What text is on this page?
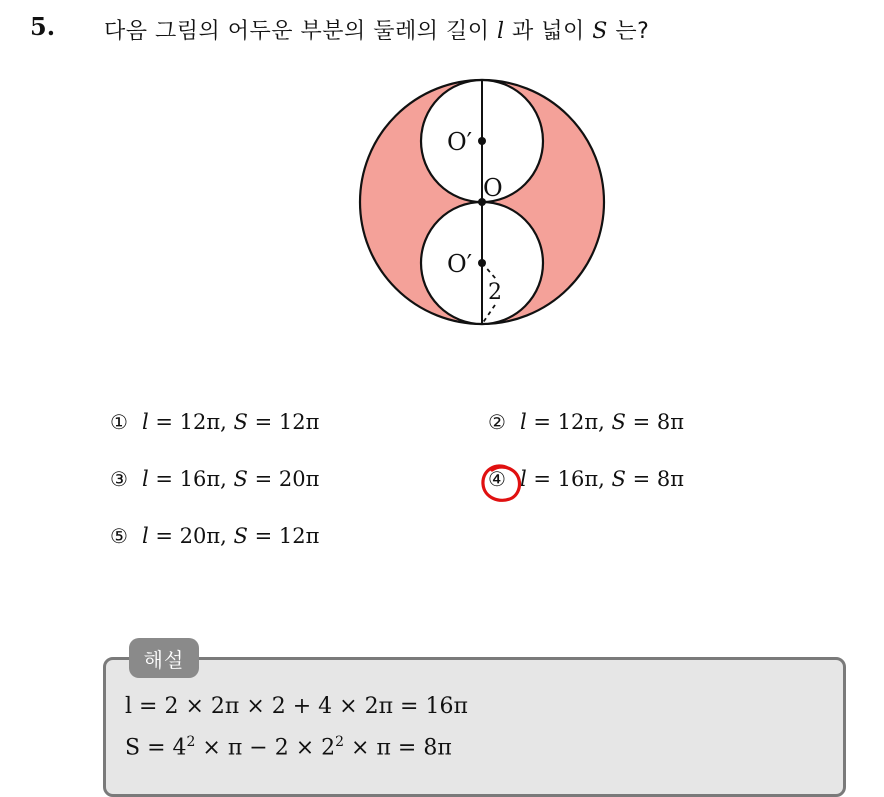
5. 다음 그림의 어두운 부분의 둘레의 길이 l 과 넓이 S 는?
O′
O
O′
2
① l = 12π, S = 12π	② l = 12π, S = 8π
③ l = 16π, S = 20π	④ l = 16π, S = 8π
⑤ l = 20π, S = 12π
해설
l = 2 × 2π × 2 + 4 × 2π = 16π
$S = 4^2 \times \pi - 2 \times 2^2 \times \pi = 8\pi$
